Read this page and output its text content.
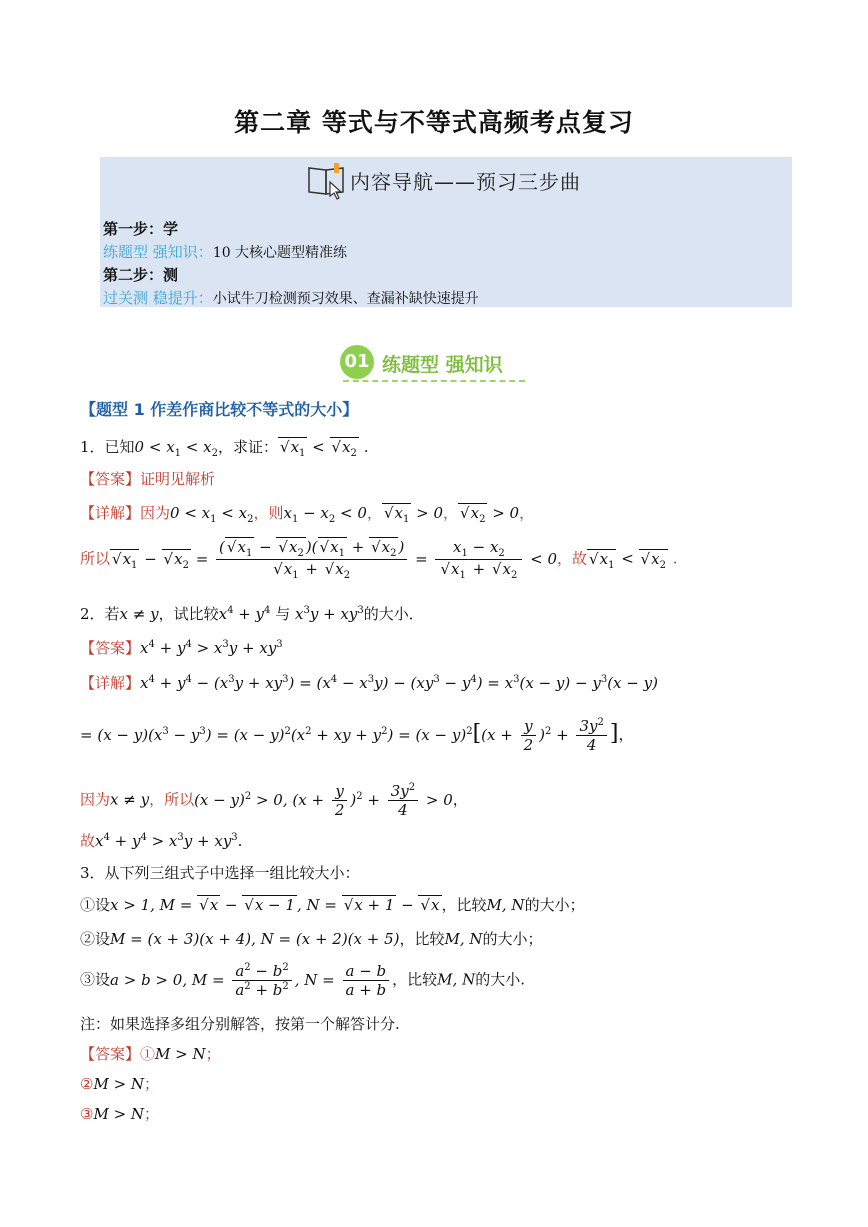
第二章 等式与不等式高频考点复习
内容导航——预习三步曲
第一步：学
练题型 强知识：10 大核心题型精准练
第二步：测
过关测 稳提升：小试牛刀检测预习效果、查漏补缺快速提升
01 练题型 强知识
【题型 1 作差作商比较不等式的大小】
1．已知$0 < x_1 < x_2$，求证： √ $x_1$ < √ $x_2$ .
【答案】证明见解析
【详解】因为$0 < x_1 < x_2$，则$x_1 - x_2 < 0$， √ $x_1 > 0$， √ $x_2 > 0$，
所以 √ $x_1$ − √ $x_2$ = ( √ $x_1$ − √ $x_2$ )( √ $x_1$ + √ $x_2$ )
√ $x_1$ + √ $x_2 = x_1 - x_2$
√ $x_1$ + √ $x_2 < 0$，故 √ $x_1$ < √ $x_2$ .
2．若x ≠ y，试比较$x^4 + y^4$ 与 $x^3y + xy^3$的大小．
【答案】$x^4 + y^4 > x^3y + xy^3$
【详解】$x^4 + y^4 - (x^3y + xy^3) = (x^4 - x^3y) - (xy^3 - y^4) = x^3(x - y) - y^3(x - y)$
= $(x - y)(x^3 - y^3) = (x - y)^2(x^2$ + xy + $y^2) = (x - y)^2[(x + \frac{y}{2} )^2 + \frac{3y^2}{4}$ ]，
因为x ≠ y，所以$(x - y)^2 > 0$, $(x + \frac{y}{2} )^2 + \frac{3y^2}{4} > 0$，
故$x^4 + y^4 > x^3y + xy^3$.
3．从下列三组式子中选择一组比较大小：
①设x > 1, M = √ x − √ x − 1 , N = √ x + 1 − √ x ，比较M, N的大小；
②设M = (x + 3)(x + 4), N = (x + 2)(x + 5)，比较M, N的大小；
③设a > b > 0, $M = \frac{a^2 - b^2}{a^2 + b^2}$ , $N = \frac{a - b}{a + b}$ ，比较M, N的大小.
注：如果选择多组分别解答，按第一个解答计分.
【答案】①M > N；
②M > N；
③M > N；
